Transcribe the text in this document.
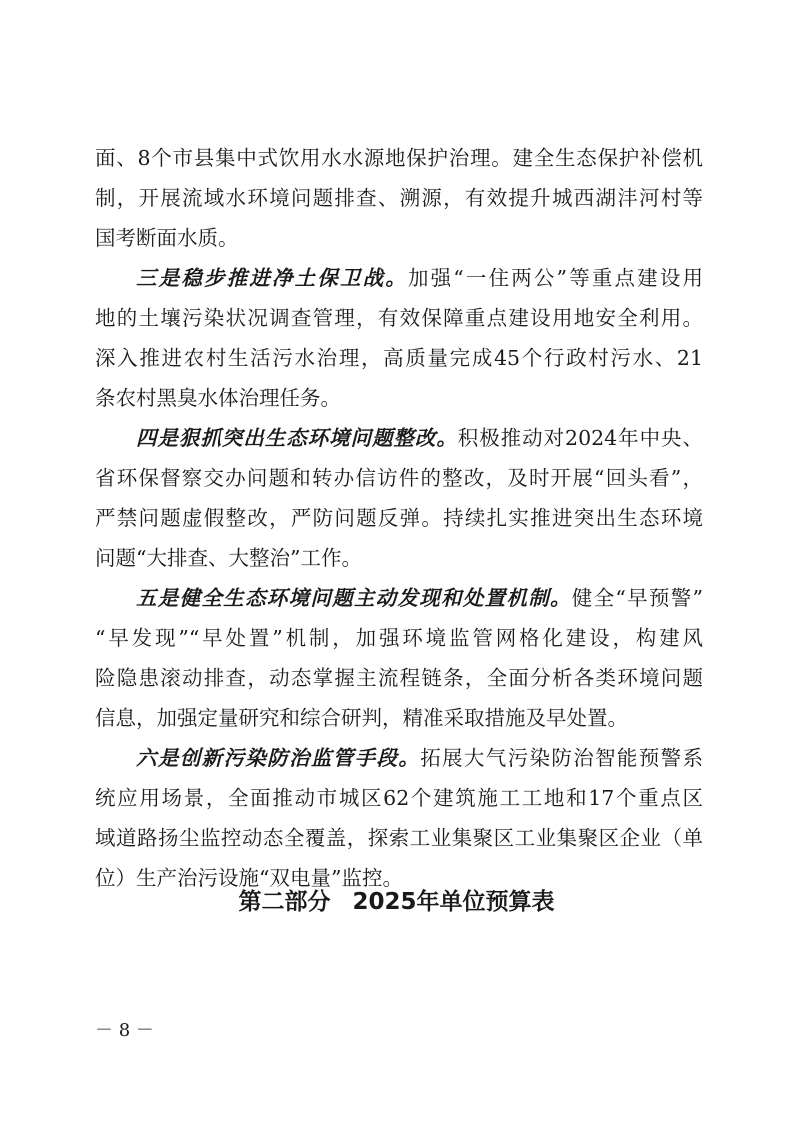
面、8个市县集中式饮用水水源地保护治理。建全生态保护补偿机
制，开展流域水环境问题排查、溯源，有效提升城西湖沣河村等
国考断面水质。
三是稳步推进净土保卫战。加强“一住两公”等重点建设用
地的土壤污染状况调查管理，有效保障重点建设用地安全利用。
深入推进农村生活污水治理，高质量完成45个行政村污水、21
条农村黑臭水体治理任务。
四是狠抓突出生态环境问题整改。积极推动对2024年中央、
省环保督察交办问题和转办信访件的整改，及时开展“回头看”，
严禁问题虚假整改，严防问题反弹。持续扎实推进突出生态环境
问题“大排查、大整治”工作。
五是健全生态环境问题主动发现和处置机制。健全“早预警”
“早发现”“早处置”机制，加强环境监管网格化建设，构建风
险隐患滚动排查，动态掌握主流程链条，全面分析各类环境问题
信息，加强定量研究和综合研判，精准采取措施及早处置。
六是创新污染防治监管手段。拓展大气污染防治智能预警系
统应用场景，全面推动市城区62个建筑施工工地和17个重点区
域道路扬尘监控动态全覆盖，探索工业集聚区工业集聚区企业（单
位）生产治污设施“双电量”监控。
第二部分 2025年单位预算表
－ 8 －
